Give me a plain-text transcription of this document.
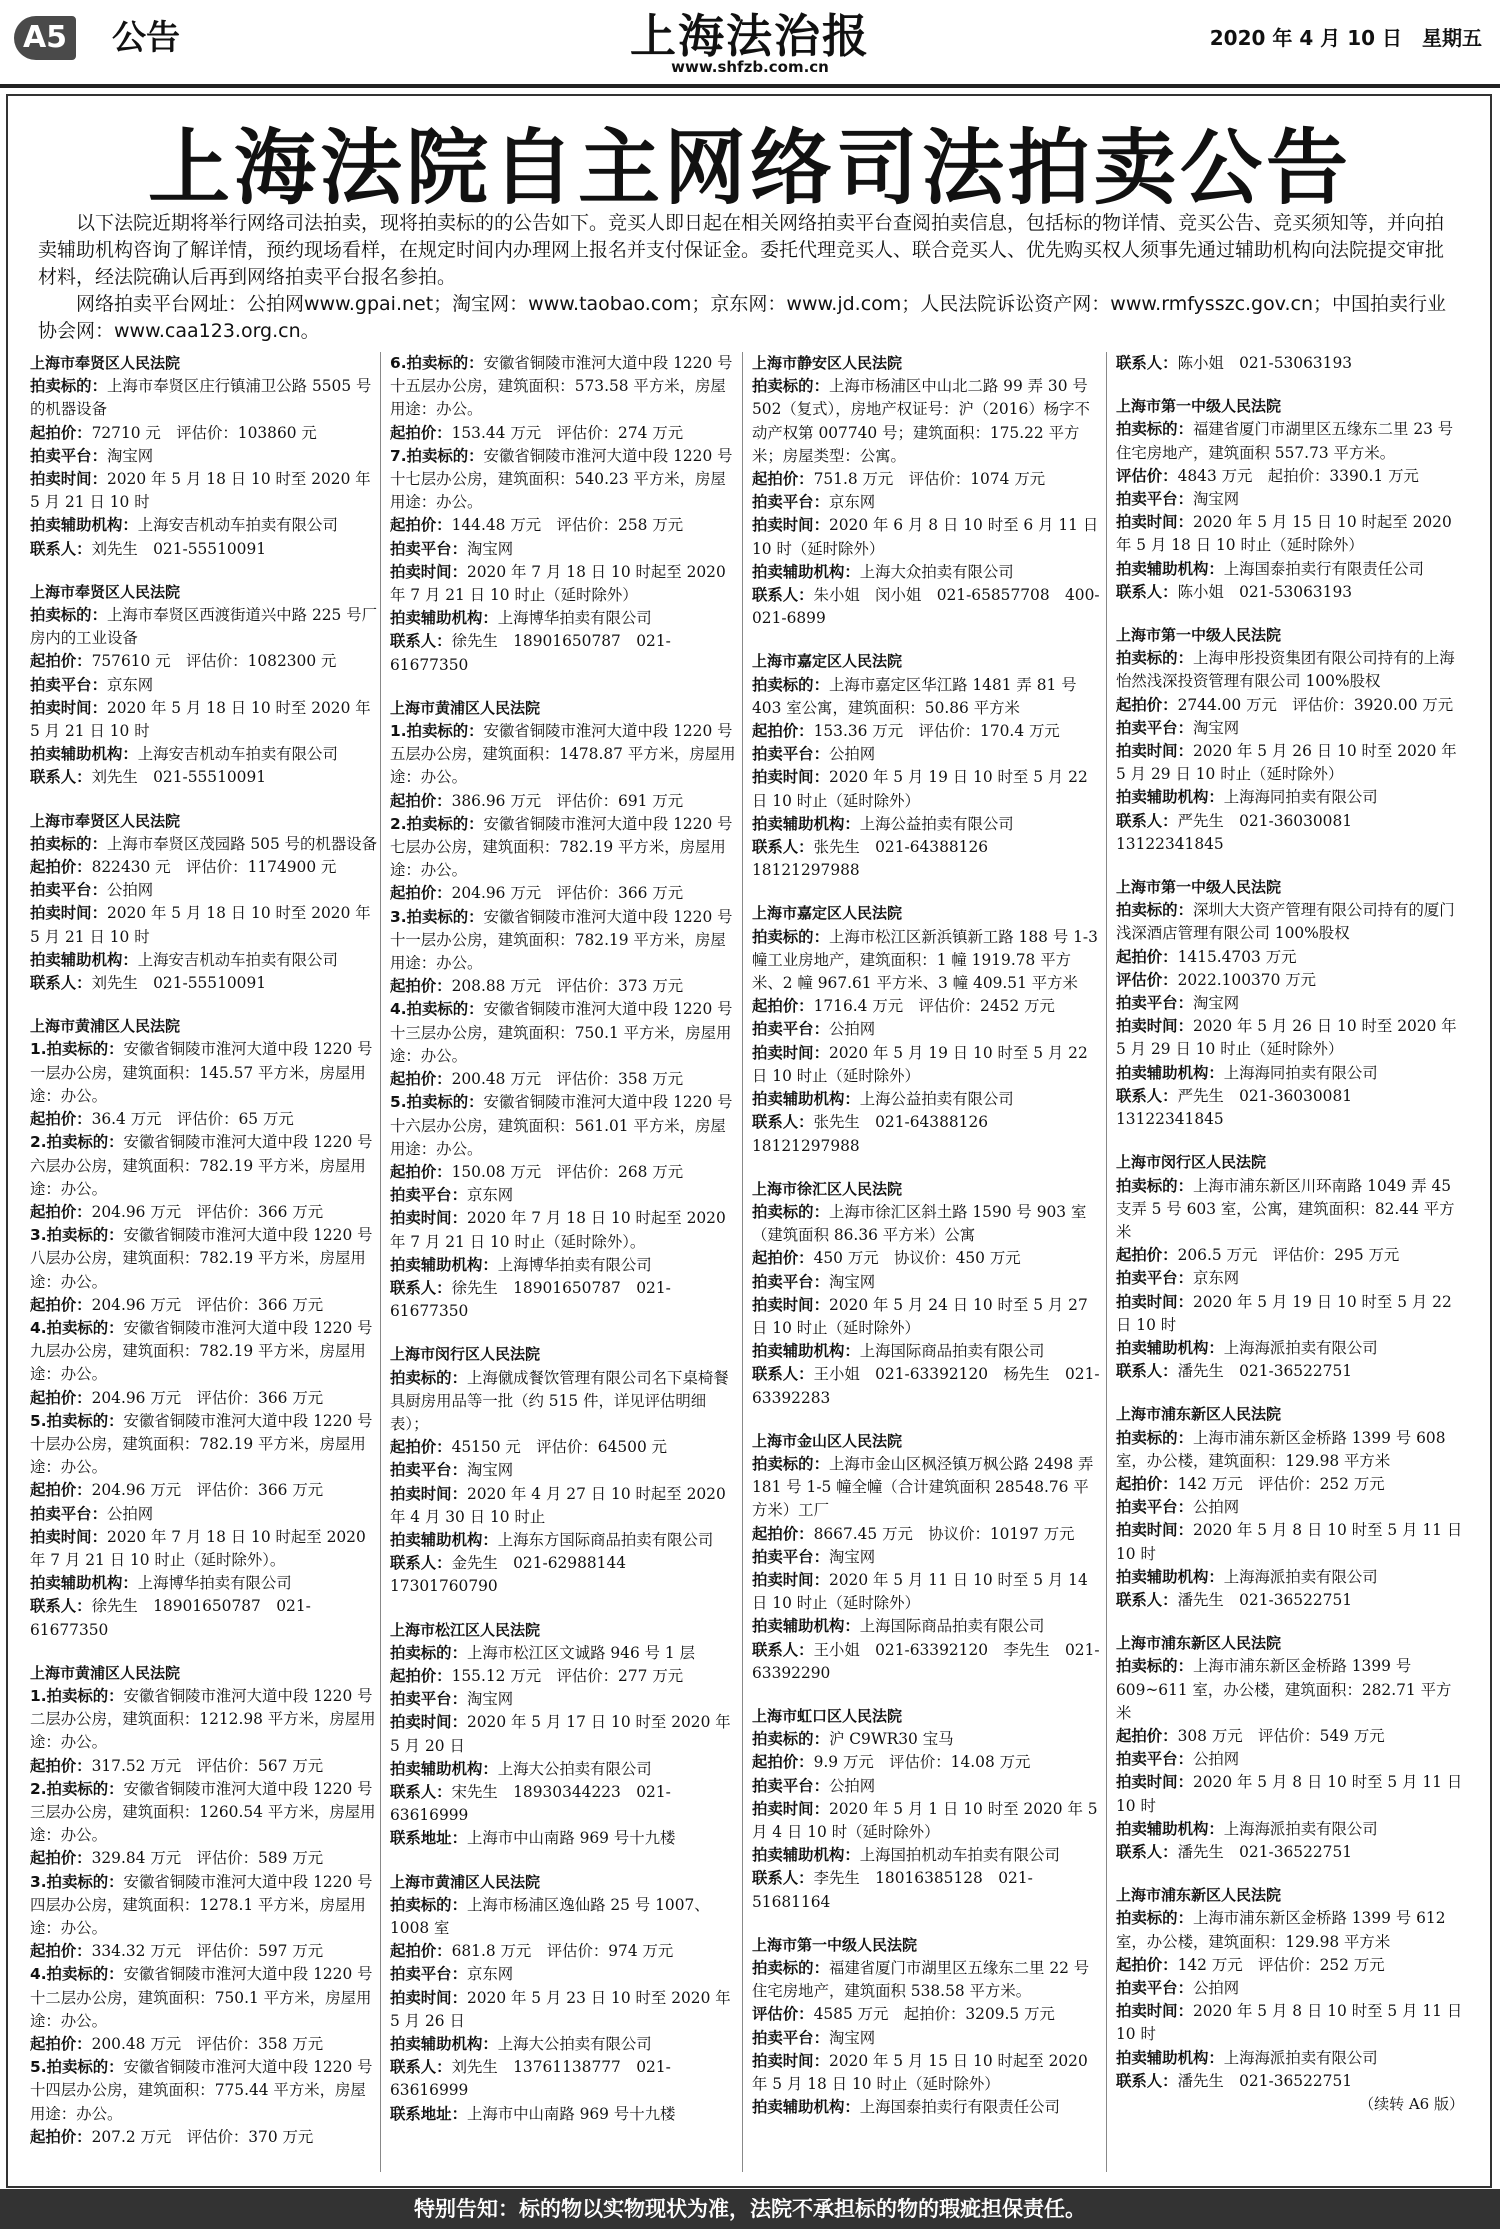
A5 公告	上海法治报
www.shfzb.com.cn
2020 年 4 月 10 日　星期五
上海法院自主网络司法拍卖公告

以下法院近期将举行网络司法拍卖，现将拍卖标的的公告如下。竞买人即日起在相关网络拍卖平台查阅拍卖信息，包括标的物详情、竞买公告、竞买须知等，并向拍卖辅助机构咨询了解详情，预约现场看样，在规定时间内办理网上报名并支付保证金。委托代理竞买人、联合竞买人、优先购买权人须事先通过辅助机构向法院提交审批材料，经法院确认后再到网络拍卖平台报名参拍。

网络拍卖平台网址：公拍网www.gpai.net；淘宝网：www.taobao.com；京东网：www.jd.com；人民法院诉讼资产网：www.rmfysszc.gov.cn；中国拍卖行业协会网：www.caa123.org.cn。

上海市奉贤区人民法院

拍卖标的：上海市奉贤区庄行镇浦卫公路 5505 号的机器设备

起拍价：72710 元　评估价：103860 元

拍卖平台：淘宝网

拍卖时间：2020 年 5 月 18 日 10 时至 2020 年 5 月 21 日 10 时

拍卖辅助机构：上海安吉机动车拍卖有限公司

联系人：刘先生　021-55510091

上海市奉贤区人民法院

拍卖标的：上海市奉贤区西渡街道兴中路 225 号厂房内的工业设备

起拍价：757610 元　评估价：1082300 元

拍卖平台：京东网

拍卖时间：2020 年 5 月 18 日 10 时至 2020 年 5 月 21 日 10 时

拍卖辅助机构：上海安吉机动车拍卖有限公司

联系人：刘先生　021-55510091

上海市奉贤区人民法院

拍卖标的：上海市奉贤区茂园路 505 号的机器设备

起拍价：822430 元　评估价：1174900 元

拍卖平台：公拍网

拍卖时间：2020 年 5 月 18 日 10 时至 2020 年 5 月 21 日 10 时

拍卖辅助机构：上海安吉机动车拍卖有限公司

联系人：刘先生　021-55510091

上海市黄浦区人民法院

1.拍卖标的：安徽省铜陵市淮河大道中段 1220 号一层办公房，建筑面积：145.57 平方米，房屋用途：办公。

起拍价：36.4 万元　评估价：65 万元

2.拍卖标的：安徽省铜陵市淮河大道中段 1220 号六层办公房，建筑面积：782.19 平方米，房屋用途：办公。

起拍价：204.96 万元　评估价：366 万元

3.拍卖标的：安徽省铜陵市淮河大道中段 1220 号八层办公房，建筑面积：782.19 平方米，房屋用途：办公。

起拍价：204.96 万元　评估价：366 万元

4.拍卖标的：安徽省铜陵市淮河大道中段 1220 号九层办公房，建筑面积：782.19 平方米，房屋用途：办公。

起拍价：204.96 万元　评估价：366 万元

5.拍卖标的：安徽省铜陵市淮河大道中段 1220 号十层办公房，建筑面积：782.19 平方米，房屋用途：办公。

起拍价：204.96 万元　评估价：366 万元

拍卖平台：公拍网

拍卖时间：2020 年 7 月 18 日 10 时起至 2020 年 7 月 21 日 10 时止（延时除外）。

拍卖辅助机构：上海博华拍卖有限公司

联系人：徐先生　18901650787　021-61677350

上海市黄浦区人民法院

1.拍卖标的：安徽省铜陵市淮河大道中段 1220 号二层办公房，建筑面积：1212.98 平方米，房屋用途：办公。

起拍价：317.52 万元　评估价：567 万元

2.拍卖标的：安徽省铜陵市淮河大道中段 1220 号三层办公房，建筑面积：1260.54 平方米，房屋用途：办公。

起拍价：329.84 万元　评估价：589 万元

3.拍卖标的：安徽省铜陵市淮河大道中段 1220 号四层办公房，建筑面积：1278.1 平方米，房屋用途：办公。

起拍价：334.32 万元　评估价：597 万元

4.拍卖标的：安徽省铜陵市淮河大道中段 1220 号十二层办公房，建筑面积：750.1 平方米，房屋用途：办公。

起拍价：200.48 万元　评估价：358 万元

5.拍卖标的：安徽省铜陵市淮河大道中段 1220 号十四层办公房，建筑面积：775.44 平方米，房屋用途：办公。

起拍价：207.2 万元　评估价：370 万元

6.拍卖标的：安徽省铜陵市淮河大道中段 1220 号十五层办公房，建筑面积：573.58 平方米，房屋用途：办公。

起拍价：153.44 万元　评估价：274 万元

7.拍卖标的：安徽省铜陵市淮河大道中段 1220 号十七层办公房，建筑面积：540.23 平方米，房屋用途：办公。

起拍价：144.48 万元　评估价：258 万元

拍卖平台：淘宝网

拍卖时间：2020 年 7 月 18 日 10 时起至 2020 年 7 月 21 日 10 时止（延时除外）

拍卖辅助机构：上海博华拍卖有限公司

联系人：徐先生　18901650787　021-61677350

上海市黄浦区人民法院

1.拍卖标的：安徽省铜陵市淮河大道中段 1220 号五层办公房，建筑面积：1478.87 平方米，房屋用途：办公。

起拍价：386.96 万元　评估价：691 万元

2.拍卖标的：安徽省铜陵市淮河大道中段 1220 号七层办公房，建筑面积：782.19 平方米，房屋用途：办公。

起拍价：204.96 万元　评估价：366 万元

3.拍卖标的：安徽省铜陵市淮河大道中段 1220 号十一层办公房，建筑面积：782.19 平方米，房屋用途：办公。

起拍价：208.88 万元　评估价：373 万元

4.拍卖标的：安徽省铜陵市淮河大道中段 1220 号十三层办公房，建筑面积：750.1 平方米，房屋用途：办公。

起拍价：200.48 万元　评估价：358 万元

5.拍卖标的：安徽省铜陵市淮河大道中段 1220 号十六层办公房，建筑面积：561.01 平方米，房屋用途：办公。

起拍价：150.08 万元　评估价：268 万元

拍卖平台：京东网

拍卖时间：2020 年 7 月 18 日 10 时起至 2020 年 7 月 21 日 10 时止（延时除外）。

拍卖辅助机构：上海博华拍卖有限公司

联系人：徐先生　18901650787　021-61677350

上海市闵行区人民法院

拍卖标的：上海僦成餐饮管理有限公司名下桌椅餐具厨房用品等一批（约 515 件，详见评估明细表）；

起拍价：45150 元　评估价：64500 元

拍卖平台：淘宝网

拍卖时间：2020 年 4 月 27 日 10 时起至 2020 年 4 月 30 日 10 时止

拍卖辅助机构：上海东方国际商品拍卖有限公司

联系人：金先生　021-62988144　17301760790

上海市松江区人民法院

拍卖标的：上海市松江区文诚路 946 号 1 层

起拍价：155.12 万元　评估价：277 万元

拍卖平台：淘宝网

拍卖时间：2020 年 5 月 17 日 10 时至 2020 年 5 月 20 日

拍卖辅助机构：上海大公拍卖有限公司

联系人：宋先生　18930344223　021-63616999

联系地址：上海市中山南路 969 号十九楼

上海市黄浦区人民法院

拍卖标的：上海市杨浦区逸仙路 25 号 1007、1008 室

起拍价：681.8 万元　评估价：974 万元

拍卖平台：京东网

拍卖时间：2020 年 5 月 23 日 10 时至 2020 年 5 月 26 日

拍卖辅助机构：上海大公拍卖有限公司

联系人：刘先生　13761138777　021-63616999

联系地址：上海市中山南路 969 号十九楼

上海市静安区人民法院

拍卖标的：上海市杨浦区中山北二路 99 弄 30 号 502（复式），房地产权证号：沪（2016）杨字不动产权第 007740 号；建筑面积：175.22 平方米；房屋类型：公寓。

起拍价：751.8 万元　评估价：1074 万元

拍卖平台：京东网

拍卖时间：2020 年 6 月 8 日 10 时至 6 月 11 日 10 时（延时除外）

拍卖辅助机构：上海大众拍卖有限公司

联系人：朱小姐　闵小姐　021-65857708　400-021-6899

上海市嘉定区人民法院

拍卖标的：上海市嘉定区华江路 1481 弄 81 号 403 室公寓，建筑面积：50.86 平方米

起拍价：153.36 万元　评估价：170.4 万元

拍卖平台：公拍网

拍卖时间：2020 年 5 月 19 日 10 时至 5 月 22 日 10 时止（延时除外）

拍卖辅助机构：上海公益拍卖有限公司

联系人：张先生　021-64388126　18121297988

上海市嘉定区人民法院

拍卖标的：上海市松江区新浜镇新工路 188 号 1-3 幢工业房地产，建筑面积：1 幢 1919.78 平方米、2 幢 967.61 平方米、3 幢 409.51 平方米

起拍价：1716.4 万元　评估价：2452 万元

拍卖平台：公拍网

拍卖时间：2020 年 5 月 19 日 10 时至 5 月 22 日 10 时止（延时除外）

拍卖辅助机构：上海公益拍卖有限公司

联系人：张先生　021-64388126　18121297988

上海市徐汇区人民法院

拍卖标的：上海市徐汇区斜土路 1590 号 903 室（建筑面积 86.36 平方米）公寓

起拍价：450 万元　协议价：450 万元

拍卖平台：淘宝网

拍卖时间：2020 年 5 月 24 日 10 时至 5 月 27 日 10 时止（延时除外）

拍卖辅助机构：上海国际商品拍卖有限公司

联系人：王小姐　021-63392120　杨先生　021-63392283

上海市金山区人民法院

拍卖标的：上海市金山区枫泾镇万枫公路 2498 弄 181 号 1-5 幢全幢（合计建筑面积 28548.76 平方米）工厂

起拍价：8667.45 万元　协议价：10197 万元

拍卖平台：淘宝网

拍卖时间：2020 年 5 月 11 日 10 时至 5 月 14 日 10 时止（延时除外）

拍卖辅助机构：上海国际商品拍卖有限公司

联系人：王小姐　021-63392120　李先生　021-63392290

上海市虹口区人民法院

拍卖标的：沪 C9WR30 宝马

起拍价：9.9 万元　评估价：14.08 万元

拍卖平台：公拍网

拍卖时间：2020 年 5 月 1 日 10 时至 2020 年 5 月 4 日 10 时（延时除外）

拍卖辅助机构：上海国拍机动车拍卖有限公司

联系人：李先生　18016385128　021-51681164

上海市第一中级人民法院

拍卖标的：福建省厦门市湖里区五缘东二里 22 号住宅房地产，建筑面积 538.58 平方米。

评估价：4585 万元　起拍价：3209.5 万元

拍卖平台：淘宝网

拍卖时间：2020 年 5 月 15 日 10 时起至 2020 年 5 月 18 日 10 时止（延时除外）

拍卖辅助机构：上海国泰拍卖行有限责任公司

联系人：陈小姐　021-53063193

上海市第一中级人民法院

拍卖标的：福建省厦门市湖里区五缘东二里 23 号住宅房地产，建筑面积 557.73 平方米。

评估价：4843 万元　起拍价：3390.1 万元

拍卖平台：淘宝网

拍卖时间：2020 年 5 月 15 日 10 时起至 2020 年 5 月 18 日 10 时止（延时除外）

拍卖辅助机构：上海国泰拍卖行有限责任公司

联系人：陈小姐　021-53063193

上海市第一中级人民法院

拍卖标的：上海申彤投资集团有限公司持有的上海怡然浅深投资管理有限公司 100%股权

起拍价：2744.00 万元　评估价：3920.00 万元

拍卖平台：淘宝网

拍卖时间：2020 年 5 月 26 日 10 时至 2020 年 5 月 29 日 10 时止（延时除外）

拍卖辅助机构：上海海同拍卖有限公司

联系人：严先生　021-36030081　13122341845

上海市第一中级人民法院

拍卖标的：深圳大大资产管理有限公司持有的厦门浅深酒店管理有限公司 100%股权

起拍价：1415.4703 万元

评估价：2022.100370 万元

拍卖平台：淘宝网

拍卖时间：2020 年 5 月 26 日 10 时至 2020 年 5 月 29 日 10 时止（延时除外）

拍卖辅助机构：上海海同拍卖有限公司

联系人：严先生　021-36030081　13122341845

上海市闵行区人民法院

拍卖标的：上海市浦东新区川环南路 1049 弄 45 支弄 5 号 603 室，公寓，建筑面积：82.44 平方米

起拍价：206.5 万元　评估价：295 万元

拍卖平台：京东网

拍卖时间：2020 年 5 月 19 日 10 时至 5 月 22 日 10 时

拍卖辅助机构：上海海派拍卖有限公司

联系人：潘先生　021-36522751

上海市浦东新区人民法院

拍卖标的：上海市浦东新区金桥路 1399 号 608 室，办公楼，建筑面积：129.98 平方米

起拍价：142 万元　评估价：252 万元

拍卖平台：公拍网

拍卖时间：2020 年 5 月 8 日 10 时至 5 月 11 日 10 时

拍卖辅助机构：上海海派拍卖有限公司

联系人：潘先生　021-36522751

上海市浦东新区人民法院

拍卖标的：上海市浦东新区金桥路 1399 号 609~611 室，办公楼，建筑面积：282.71 平方米

起拍价：308 万元　评估价：549 万元

拍卖平台：公拍网

拍卖时间：2020 年 5 月 8 日 10 时至 5 月 11 日 10 时

拍卖辅助机构：上海海派拍卖有限公司

联系人：潘先生　021-36522751

上海市浦东新区人民法院

拍卖标的：上海市浦东新区金桥路 1399 号 612 室，办公楼，建筑面积：129.98 平方米

起拍价：142 万元　评估价：252 万元

拍卖平台：公拍网

拍卖时间：2020 年 5 月 8 日 10 时至 5 月 11 日 10 时

拍卖辅助机构：上海海派拍卖有限公司

联系人：潘先生　021-36522751

（续转 A6 版）

特别告知：标的物以实物现状为准，法院不承担标的物的瑕疵担保责任。
